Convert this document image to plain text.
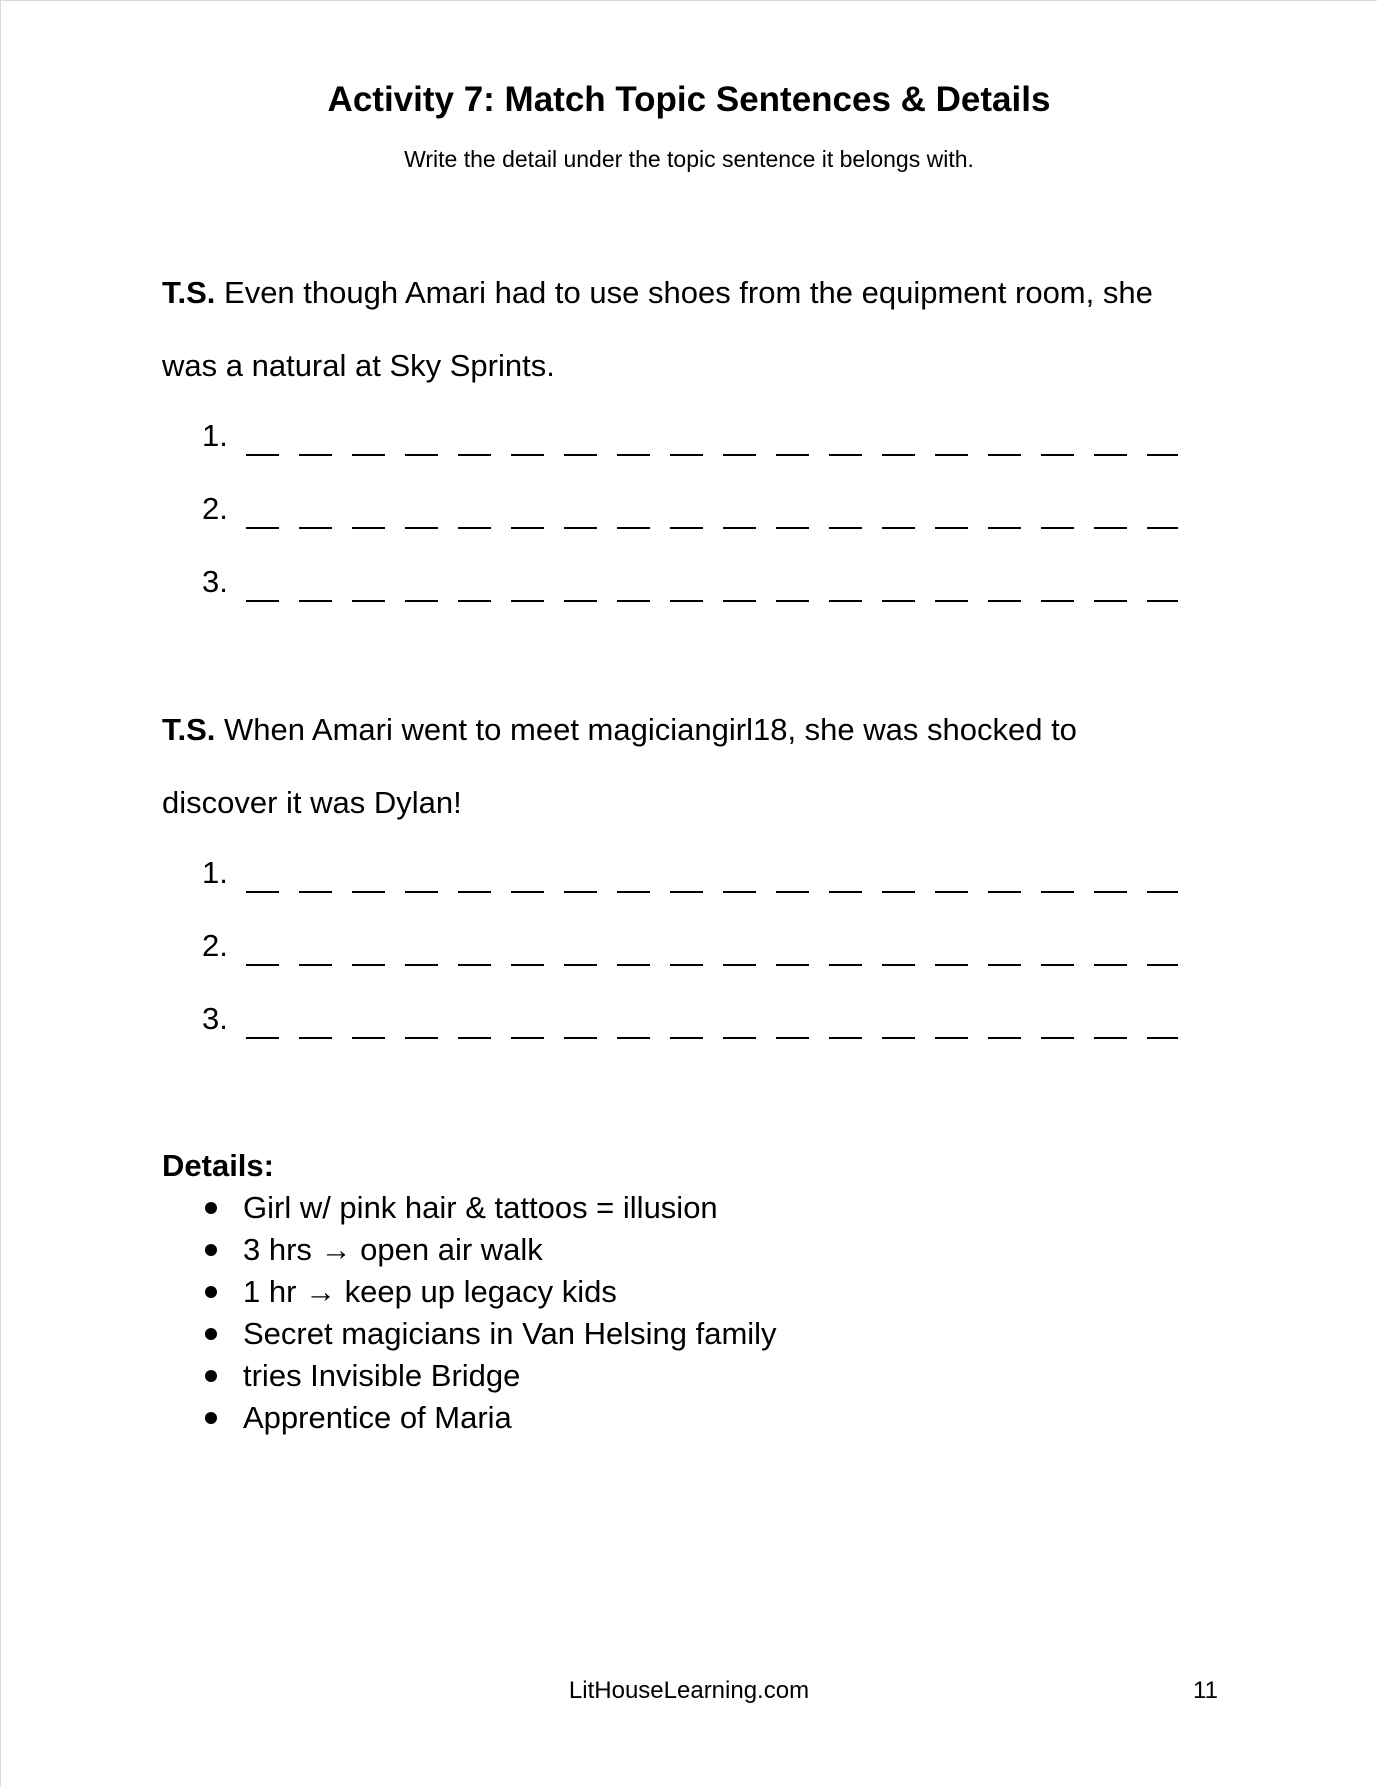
Activity 7: Match Topic Sentences & Details
Write the detail under the topic sentence it belongs with.
T.S. Even though Amari had to use shoes from the equipment room, she
was a natural at Sky Sprints.
1.
2.
3.
T.S. When Amari went to meet magiciangirl18, she was shocked to
discover it was Dylan!
1.
2.
3.
Details:
Girl w/ pink hair & tattoos = illusion
3 hrs → open air walk
1 hr → keep up legacy kids
Secret magicians in Van Helsing family
tries Invisible Bridge
Apprentice of Maria
LitHouseLearning.com	11
